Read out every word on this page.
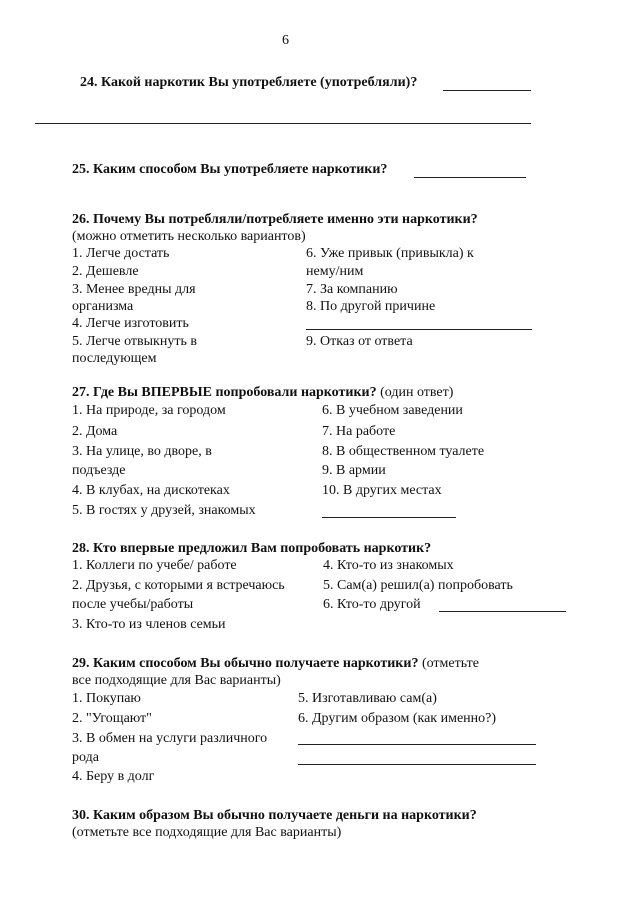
6
24. Какой наркотик Вы употребляете (употребляли)?
25. Каким способом Вы употребляете наркотики?
26. Почему Вы потребляли/потребляете именно эти наркотики?
(можно отметить несколько вариантов)
1. Легче достать
2. Дешевле
3. Менее вредны для
организма
4. Легче изготовить
5. Легче отвыкнуть в
последующем
6. Уже привык (привыкла) к
нему/ним
7. За компанию
8. По другой причине
9. Отказ от ответа
27. Где Вы ВПЕРВЫЕ попробовали наркотики? (один ответ)
1. На природе, за городом
2. Дома
3. На улице, во дворе, в
подъезде
4. В клубах, на дискотеках
5. В гостях у друзей, знакомых
6. В учебном заведении
7. На работе
8. В общественном туалете
9. В армии
10. В других местах
28. Кто впервые предложил Вам попробовать наркотик?
1. Коллеги по учебе/ работе
2. Друзья, с которыми я встречаюсь
после учебы/работы
3. Кто-то из членов семьи
4. Кто-то из знакомых
5. Сам(а) решил(а) попробовать
6. Кто-то другой
29. Каким способом Вы обычно получаете наркотики? (отметьте
все подходящие для Вас варианты)
1. Покупаю
2. "Угощают"
3. В обмен на услуги различного
рода
4. Беру в долг
5. Изготавливаю сам(а)
6. Другим образом (как именно?)
30. Каким образом Вы обычно получаете деньги на наркотики?
(отметьте все подходящие для Вас варианты)
